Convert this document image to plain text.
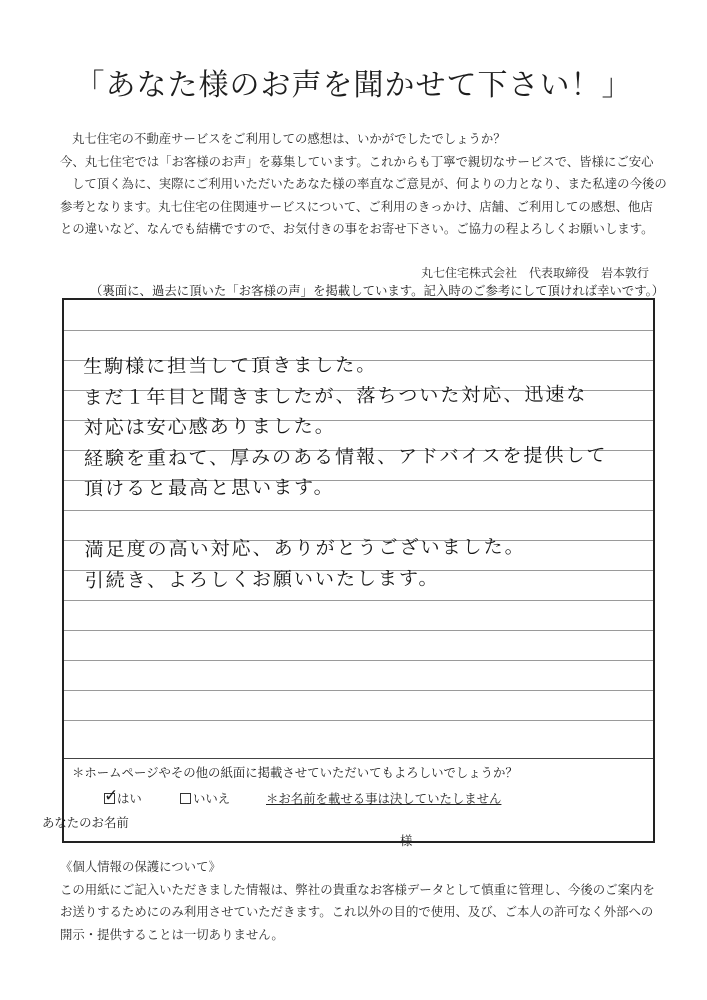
「あなた様のお声を聞かせて下さい！」

丸七住宅の不動産サービスをご利用しての感想は、いかがでしたでしょうか？

今、丸七住宅では「お客様のお声」を募集しています。これからも丁寧で親切なサービスで、皆様にご安心

して頂く為に、実際にご利用いただいたあなた様の率直なご意見が、何よりの力となり、また私達の今後の

参考となります。丸七住宅の住関連サービスについて、ご利用のきっかけ、店舗、ご利用しての感想、他店

との違いなど、なんでも結構ですので、お気付きの事をお寄せ下さい。ご協力の程よろしくお願いします。

丸七住宅株式会社　代表取締役　岩本敦行
（裏面に、過去に頂いた「お客様の声」を掲載しています。記入時のご参考にして頂ければ幸いです。）
生駒様に担当して頂きました。
まだ１年目と聞きましたが、落ちついた対応、迅速な
対応は安心感ありました。
経験を重ねて、厚みのある情報、アドバイスを提供して
頂けると最高と思います。
満足度の高い対応、ありがとうございました。
引続き、よろしくお願いいたします。
＊ホームページやその他の紙面に掲載させていただいてもよろしいでしょうか？
✓
はい	いいえ	＊お名前を載せる事は決していたしません
あなたのお名前
様

《個人情報の保護について》

この用紙にご記入いただきました情報は、弊社の貴重なお客様データとして慎重に管理し、今後のご案内を

お送りするためにのみ利用させていただきます。これ以外の目的で使用、及び、ご本人の許可なく外部への

開示・提供することは一切ありません。
